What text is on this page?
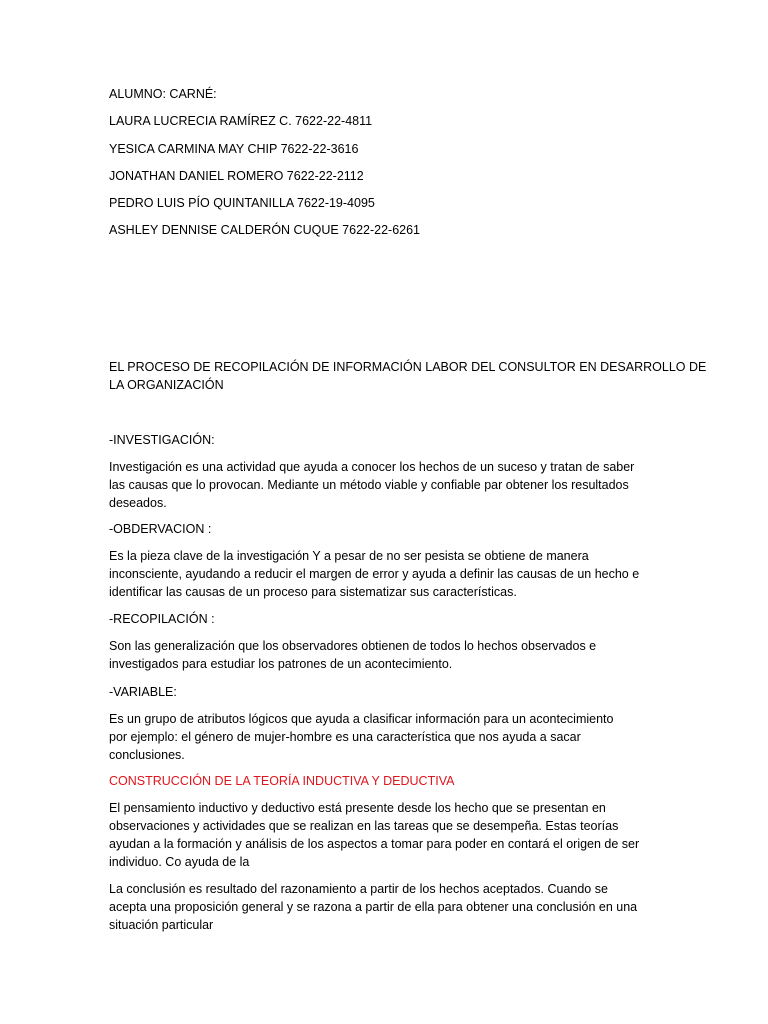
ALUMNO: CARNÉ:
LAURA LUCRECIA RAMÍREZ C. 7622-22-4811
YESICA CARMINA MAY CHIP 7622-22-3616
JONATHAN DANIEL ROMERO 7622-22-2112
PEDRO LUIS PÍO QUINTANILLA 7622-19-4095
ASHLEY DENNISE CALDERÓN CUQUE 7622-22-6261
EL PROCESO DE RECOPILACIÓN DE INFORMACIÓN LABOR DEL CONSULTOR EN DESARROLLO DE
LA ORGANIZACIÓN
-INVESTIGACIÓN:
Investigación es una actividad que ayuda a conocer los hechos de un suceso y tratan de saber
las causas que lo provocan. Mediante un método viable y confiable par obtener los resultados
deseados.
-OBDERVACION :
Es la pieza clave de la investigación Y a pesar de no ser pesista se obtiene de manera
inconsciente, ayudando a reducir el margen de error y ayuda a definir las causas de un hecho e
identificar las causas de un proceso para sistematizar sus características.
-RECOPILACIÓN :
Son las generalización que los observadores obtienen de todos lo hechos observados e
investigados para estudiar los patrones de un acontecimiento.
-VARIABLE:
Es un grupo de atributos lógicos que ayuda a clasificar información para un acontecimiento
por ejemplo: el género de mujer-hombre es una característica que nos ayuda a sacar
conclusiones.
CONSTRUCCIÓN DE LA TEORÍA INDUCTIVA Y DEDUCTIVA
El pensamiento inductivo y deductivo está presente desde los hecho que se presentan en
observaciones y actividades que se realizan en las tareas que se desempeña. Estas teorías
ayudan a la formación y análisis de los aspectos a tomar para poder en contará el origen de ser
individuo. Co ayuda de la
La conclusión es resultado del razonamiento a partir de los hechos aceptados. Cuando se
acepta una proposición general y se razona a partir de ella para obtener una conclusión en una
situación particular
